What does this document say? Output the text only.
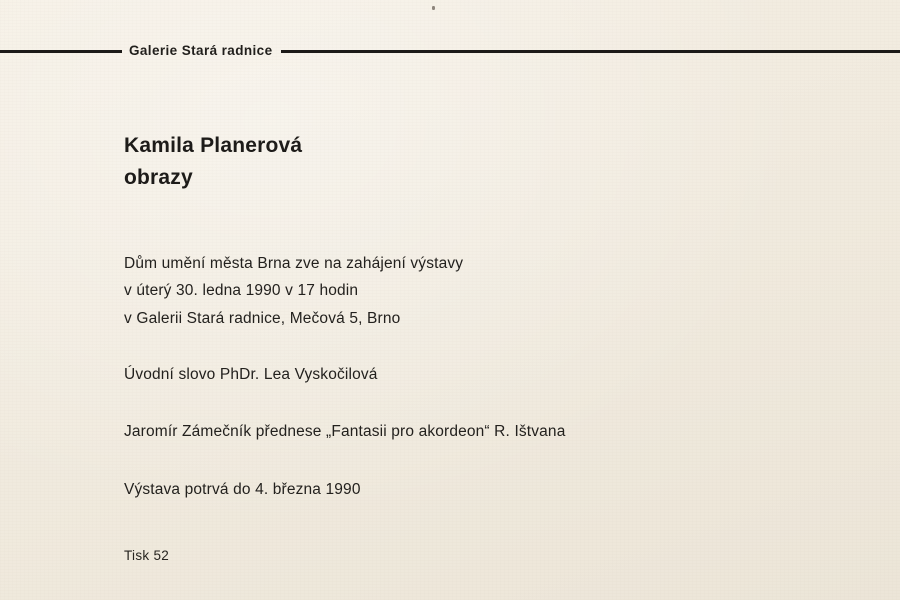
Galerie Stará radnice
Kamila Planerová
obrazy
Dům umění města Brna zve na zahájení výstavy
v úterý 30. ledna 1990 v 17 hodin
v Galerii Stará radnice, Mečová 5, Brno
Úvodní slovo PhDr. Lea Vyskočilová
Jaromír Zámečník přednese „Fantasii pro akordeon“ R. Ištvana
Výstava potrvá do 4. března 1990
Tisk 52
